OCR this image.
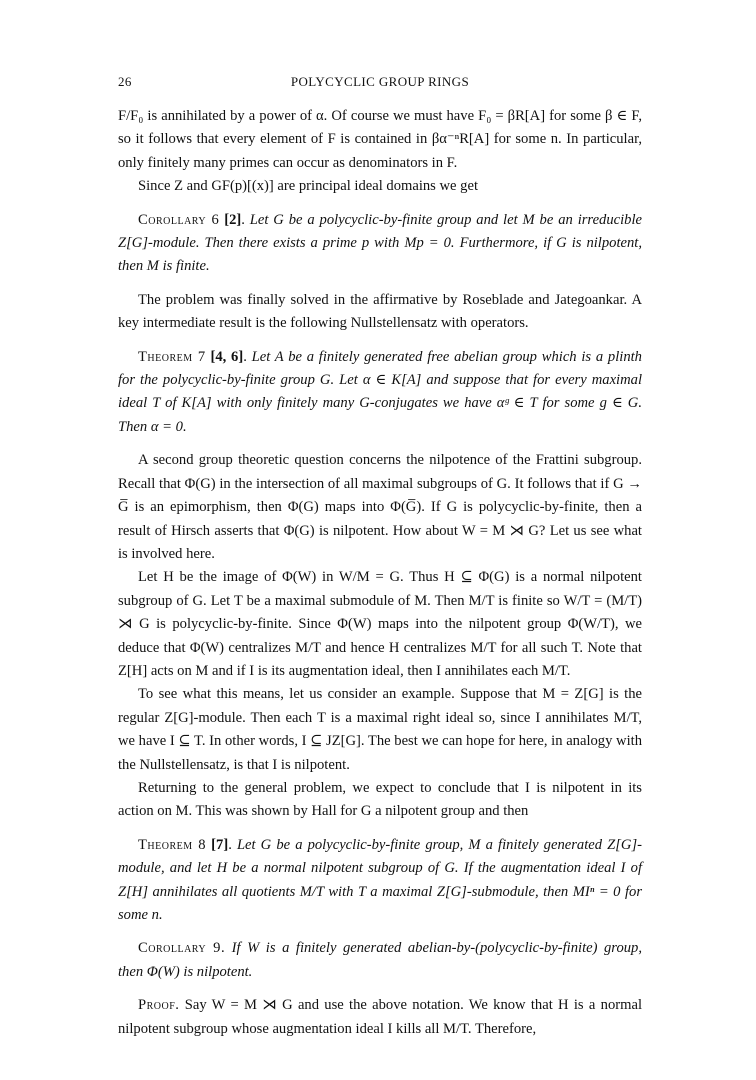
26	POLYCYCLIC GROUP RINGS

F/F₀ is annihilated by a power of α. Of course we must have F₀ = βR[A] for some β ∈ F, so it follows that every element of F is contained in βα⁻ⁿR[A] for some n. In particular, only finitely many primes can occur as denominators in F.

Since Z and GF(p)[(x)] are principal ideal domains we get

Corollary 6 [2]. Let G be a polycyclic-by-finite group and let M be an irreducible Z[G]-module. Then there exists a prime p with Mp = 0. Furthermore, if G is nilpotent, then M is finite.

The problem was finally solved in the affirmative by Roseblade and Jategoankar. A key intermediate result is the following Nullstellensatz with operators.

Theorem 7 [4, 6]. Let A be a finitely generated free abelian group which is a plinth for the polycyclic-by-finite group G. Let α ∈ K[A] and suppose that for every maximal ideal T of K[A] with only finitely many G-conjugates we have αᵍ ∈ T for some g ∈ G. Then α = 0.

A second group theoretic question concerns the nilpotence of the Frattini subgroup. Recall that Φ(G) in the intersection of all maximal subgroups of G. It follows that if G → G̅ is an epimorphism, then Φ(G) maps into Φ(G̅). If G is polycyclic-by-finite, then a result of Hirsch asserts that Φ(G) is nilpotent. How about W = M ⋊ G? Let us see what is involved here.

Let H be the image of Φ(W) in W/M = G. Thus H ⊆ Φ(G) is a normal nilpotent subgroup of G. Let T be a maximal submodule of M. Then M/T is finite so W/T = (M/T) ⋊ G is polycyclic-by-finite. Since Φ(W) maps into the nilpotent group Φ(W/T), we deduce that Φ(W) centralizes M/T and hence H centralizes M/T for all such T. Note that Z[H] acts on M and if I is its augmentation ideal, then I annihilates each M/T.

To see what this means, let us consider an example. Suppose that M = Z[G] is the regular Z[G]-module. Then each T is a maximal right ideal so, since I annihilates M/T, we have I ⊆ T. In other words, I ⊆ JZ[G]. The best we can hope for here, in analogy with the Nullstellensatz, is that I is nilpotent.

Returning to the general problem, we expect to conclude that I is nilpotent in its action on M. This was shown by Hall for G a nilpotent group and then

Theorem 8 [7]. Let G be a polycyclic-by-finite group, M a finitely generated Z[G]-module, and let H be a normal nilpotent subgroup of G. If the augmentation ideal I of Z[H] annihilates all quotients M/T with T a maximal Z[G]-submodule, then MIⁿ = 0 for some n.

Corollary 9. If W is a finitely generated abelian-by-(polycyclic-by-finite) group, then Φ(W) is nilpotent.

Proof. Say W = M ⋊ G and use the above notation. We know that H is a normal nilpotent subgroup whose augmentation ideal I kills all M/T. Therefore,
